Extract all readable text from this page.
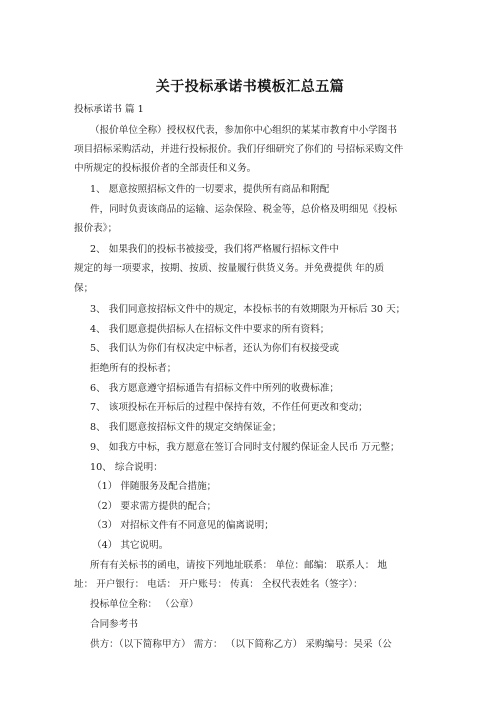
关于投标承诺书模板汇总五篇
投标承诺书 篇 1
（报价单位全称）授权权代表，参加你中心组织的某某市教育中小学图书
项目招标采购活动，并进行投标报价。我们仔细研究了你们的 号招标采购文件
中所规定的投标报价者的全部责任和义务。
1、 愿意按照招标文件的一切要求，提供所有商品和附配
件，同时负责该商品的运输、运杂保险、税金等，总价格及明细见《投标
报价表》；
2、 如果我们的投标书被接受，我们将严格履行招标文件中
规定的每一项要求，按期、按质、按量履行供货义务。并免费提供 年的质
保；
3、 我们同意按招标文件中的规定，本投标书的有效期限为开标后 30 天；
4、 我们愿意提供招标人在招标文件中要求的所有资料；
5、 我们认为你们有权决定中标者，还认为你们有权接受或
拒绝所有的投标者；
6、 我方愿意遵守招标通告有招标文件中所列的收费标准；
7、 该项投标在开标后的过程中保持有效，不作任何更改和变动；
8、 我们愿意按招标文件的规定交纳保证金；
9、 如我方中标，我方愿意在签订合同时支付履约保证金人民币 万元整；
10、 综合说明：
（1） 伴随服务及配合措施；
（2） 要求需方提供的配合；
（3） 对招标文件有不同意见的偏离说明；
（4） 其它说明。
所有有关标书的函电，请按下列地址联系： 单位：邮编： 联系人： 地
址： 开户银行： 电话： 开户账号： 传真： 全权代表姓名（签字）：
投标单位全称： （公章）
合同参考书
供方：（以下简称甲方） 需方： （以下简称乙方） 采购编号：吴采（公
